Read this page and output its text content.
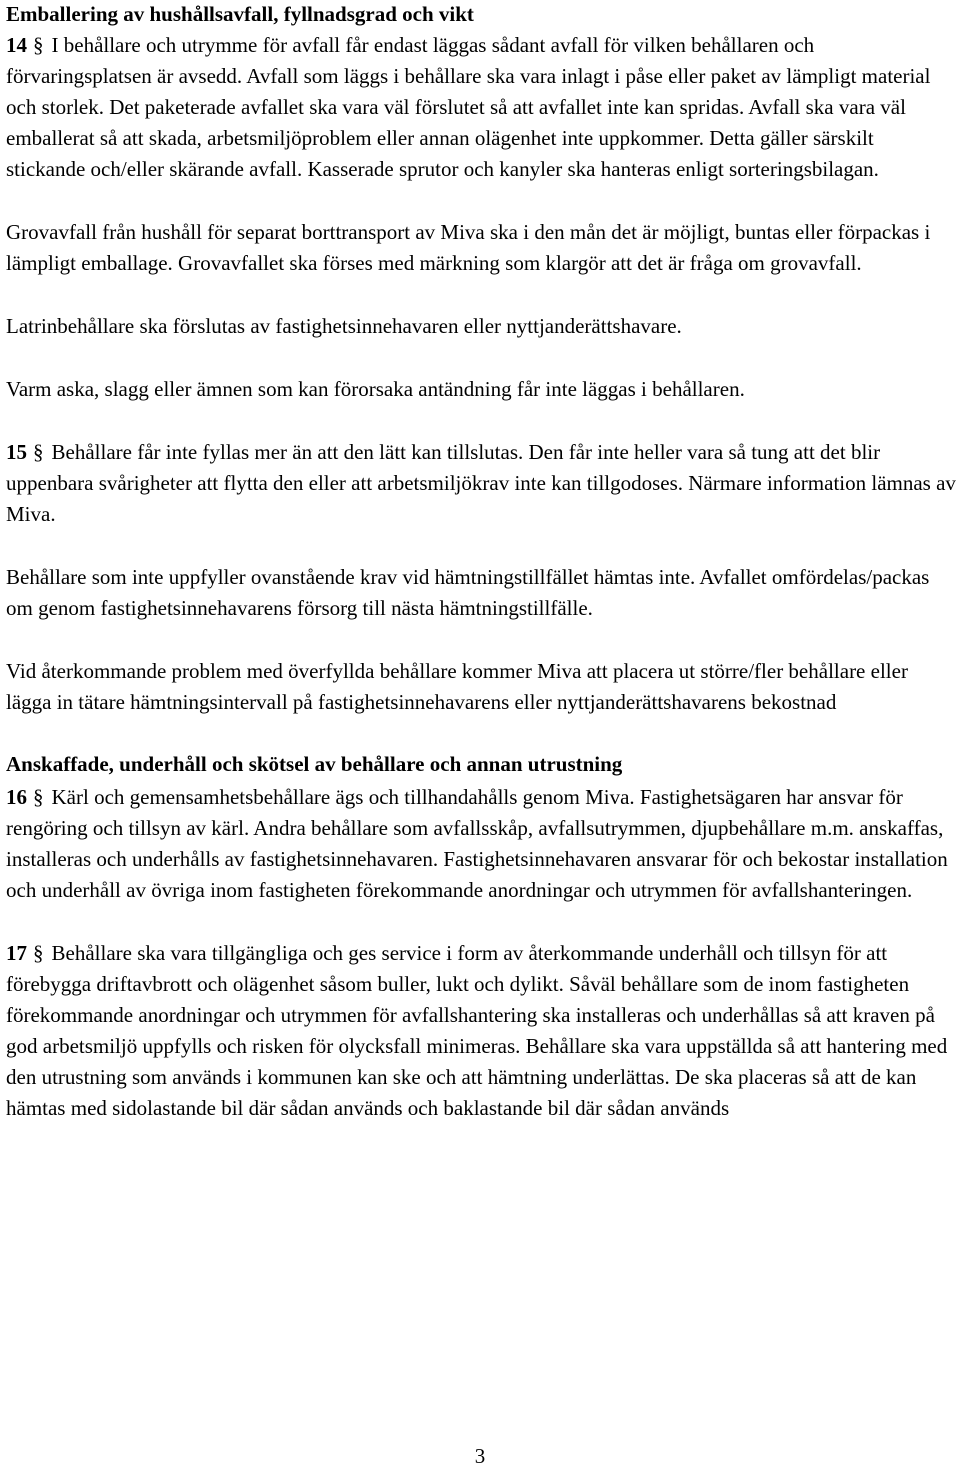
Emballering av hushållsavfall, fyllnadsgrad och vikt

14 § I behållare och utrymme för avfall får endast läggas sådant avfall för vilken behållaren och förvaringsplatsen är avsedd. Avfall som läggs i behållare ska vara inlagt i påse eller paket av lämpligt material och storlek. Det paketerade avfallet ska vara väl förslutet så att avfallet inte kan spridas. Avfall ska vara väl emballerat så att skada, arbetsmiljöproblem eller annan olägenhet inte uppkommer. Detta gäller särskilt stickande och/eller skärande avfall. Kasserade sprutor och kanyler ska hanteras enligt sorteringsbilagan.

Grovavfall från hushåll för separat borttransport av Miva ska i den mån det är möjligt, buntas eller förpackas i lämpligt emballage. Grovavfallet ska förses med märkning som klargör att det är fråga om grovavfall.

Latrinbehållare ska förslutas av fastighetsinnehavaren eller nyttjanderättshavare.

Varm aska, slagg eller ämnen som kan förorsaka antändning får inte läggas i behållaren.

15 § Behållare får inte fyllas mer än att den lätt kan tillslutas. Den får inte heller vara så tung att det blir uppenbara svårigheter att flytta den eller att arbetsmiljökrav inte kan tillgodoses. Närmare information lämnas av Miva.

Behållare som inte uppfyller ovanstående krav vid hämtningstillfället hämtas inte. Avfallet omfördelas/packas om genom fastighetsinnehavarens försorg till nästa hämtningstillfälle.

Vid återkommande problem med överfyllda behållare kommer Miva att placera ut större/fler behållare eller lägga in tätare hämtningsintervall på fastighetsinnehavarens eller nyttjanderättshavarens bekostnad

Anskaffade, underhåll och skötsel av behållare och annan utrustning

16 § Kärl och gemensamhetsbehållare ägs och tillhandahålls genom Miva. Fastighetsägaren har ansvar för rengöring och tillsyn av kärl. Andra behållare som avfallsskåp, avfallsutrymmen, djupbehållare m.m. anskaffas, installeras och underhålls av fastighetsinnehavaren. Fastighetsinnehavaren ansvarar för och bekostar installation och underhåll av övriga inom fastigheten förekommande anordningar och utrymmen för avfallshanteringen.

17 § Behållare ska vara tillgängliga och ges service i form av återkommande underhåll och tillsyn för att förebygga driftavbrott och olägenhet såsom buller, lukt och dylikt. Såväl behållare som de inom fastigheten förekommande anordningar och utrymmen för avfallshantering ska installeras och underhållas så att kraven på god arbetsmiljö uppfylls och risken för olycksfall minimeras. Behållare ska vara uppställda så att hantering med den utrustning som används i kommunen kan ske och att hämtning underlättas. De ska placeras så att de kan hämtas med sidolastande bil där sådan används och baklastande bil där sådan används

3
